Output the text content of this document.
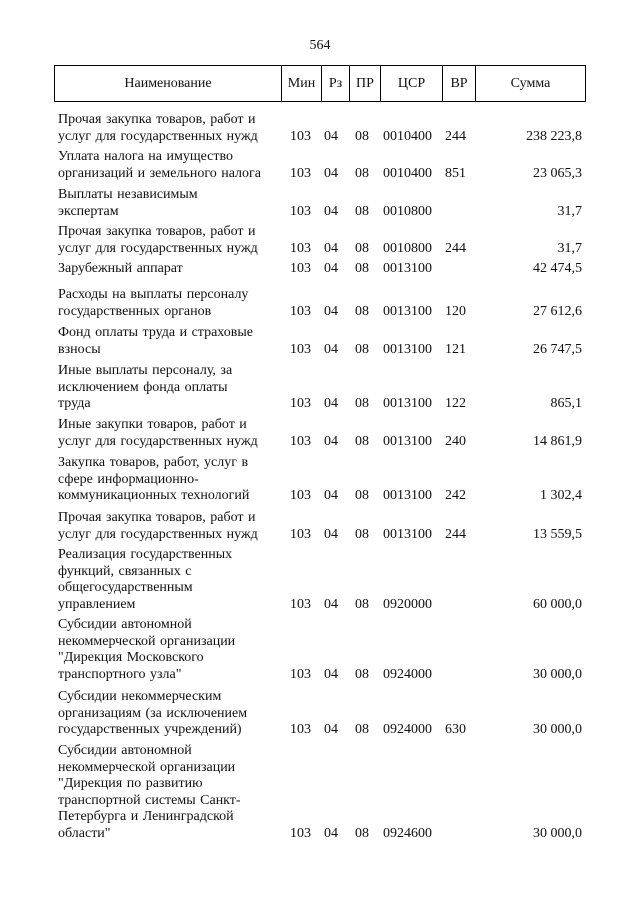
564
Наименование	Мин Рз ПР	ЦСР	ВР	Сумма
Прочая закупка товаров, работ и
услуг для государственных нужд	103 04 08 0010400 244	238 223,8
Уплата налога на имущество
организаций и земельного налога	103 04 08 0010400 851	23 065,3
Выплаты независимым
экспертам	103 04 08 0010800	31,7
Прочая закупка товаров, работ и
услуг для государственных нужд	103 04 08 0010800 244	31,7
Зарубежный аппарат	103 04 08 0013100	42 474,5
Расходы на выплаты персоналу
государственных органов	103 04 08 0013100 120	27 612,6
Фонд оплаты труда и страховые
взносы	103 04 08 0013100 121	26 747,5
Иные выплаты персоналу, за
исключением фонда оплаты
труда	103 04 08 0013100 122	865,1
Иные закупки товаров, работ и
услуг для государственных нужд	103 04 08 0013100 240	14 861,9
Закупка товаров, работ, услуг в
сфере информационно-
коммуникационных технологий	103 04 08 0013100 242	1 302,4
Прочая закупка товаров, работ и
услуг для государственных нужд	103 04 08 0013100 244	13 559,5
Реализация государственных
функций, связанных с
общегосударственным
управлением	103 04 08 0920000	60 000,0
Субсидии автономной
некоммерческой организации
"Дирекция Московского
транспортного узла"	103 04 08 0924000	30 000,0
Субсидии некоммерческим
организациям (за исключением
государственных учреждений)	103 04 08 0924000 630	30 000,0
Субсидии автономной
некоммерческой организации
"Дирекция по развитию
транспортной системы Санкт-
Петербурга и Ленинградской
области"	103 04 08 0924600	30 000,0
